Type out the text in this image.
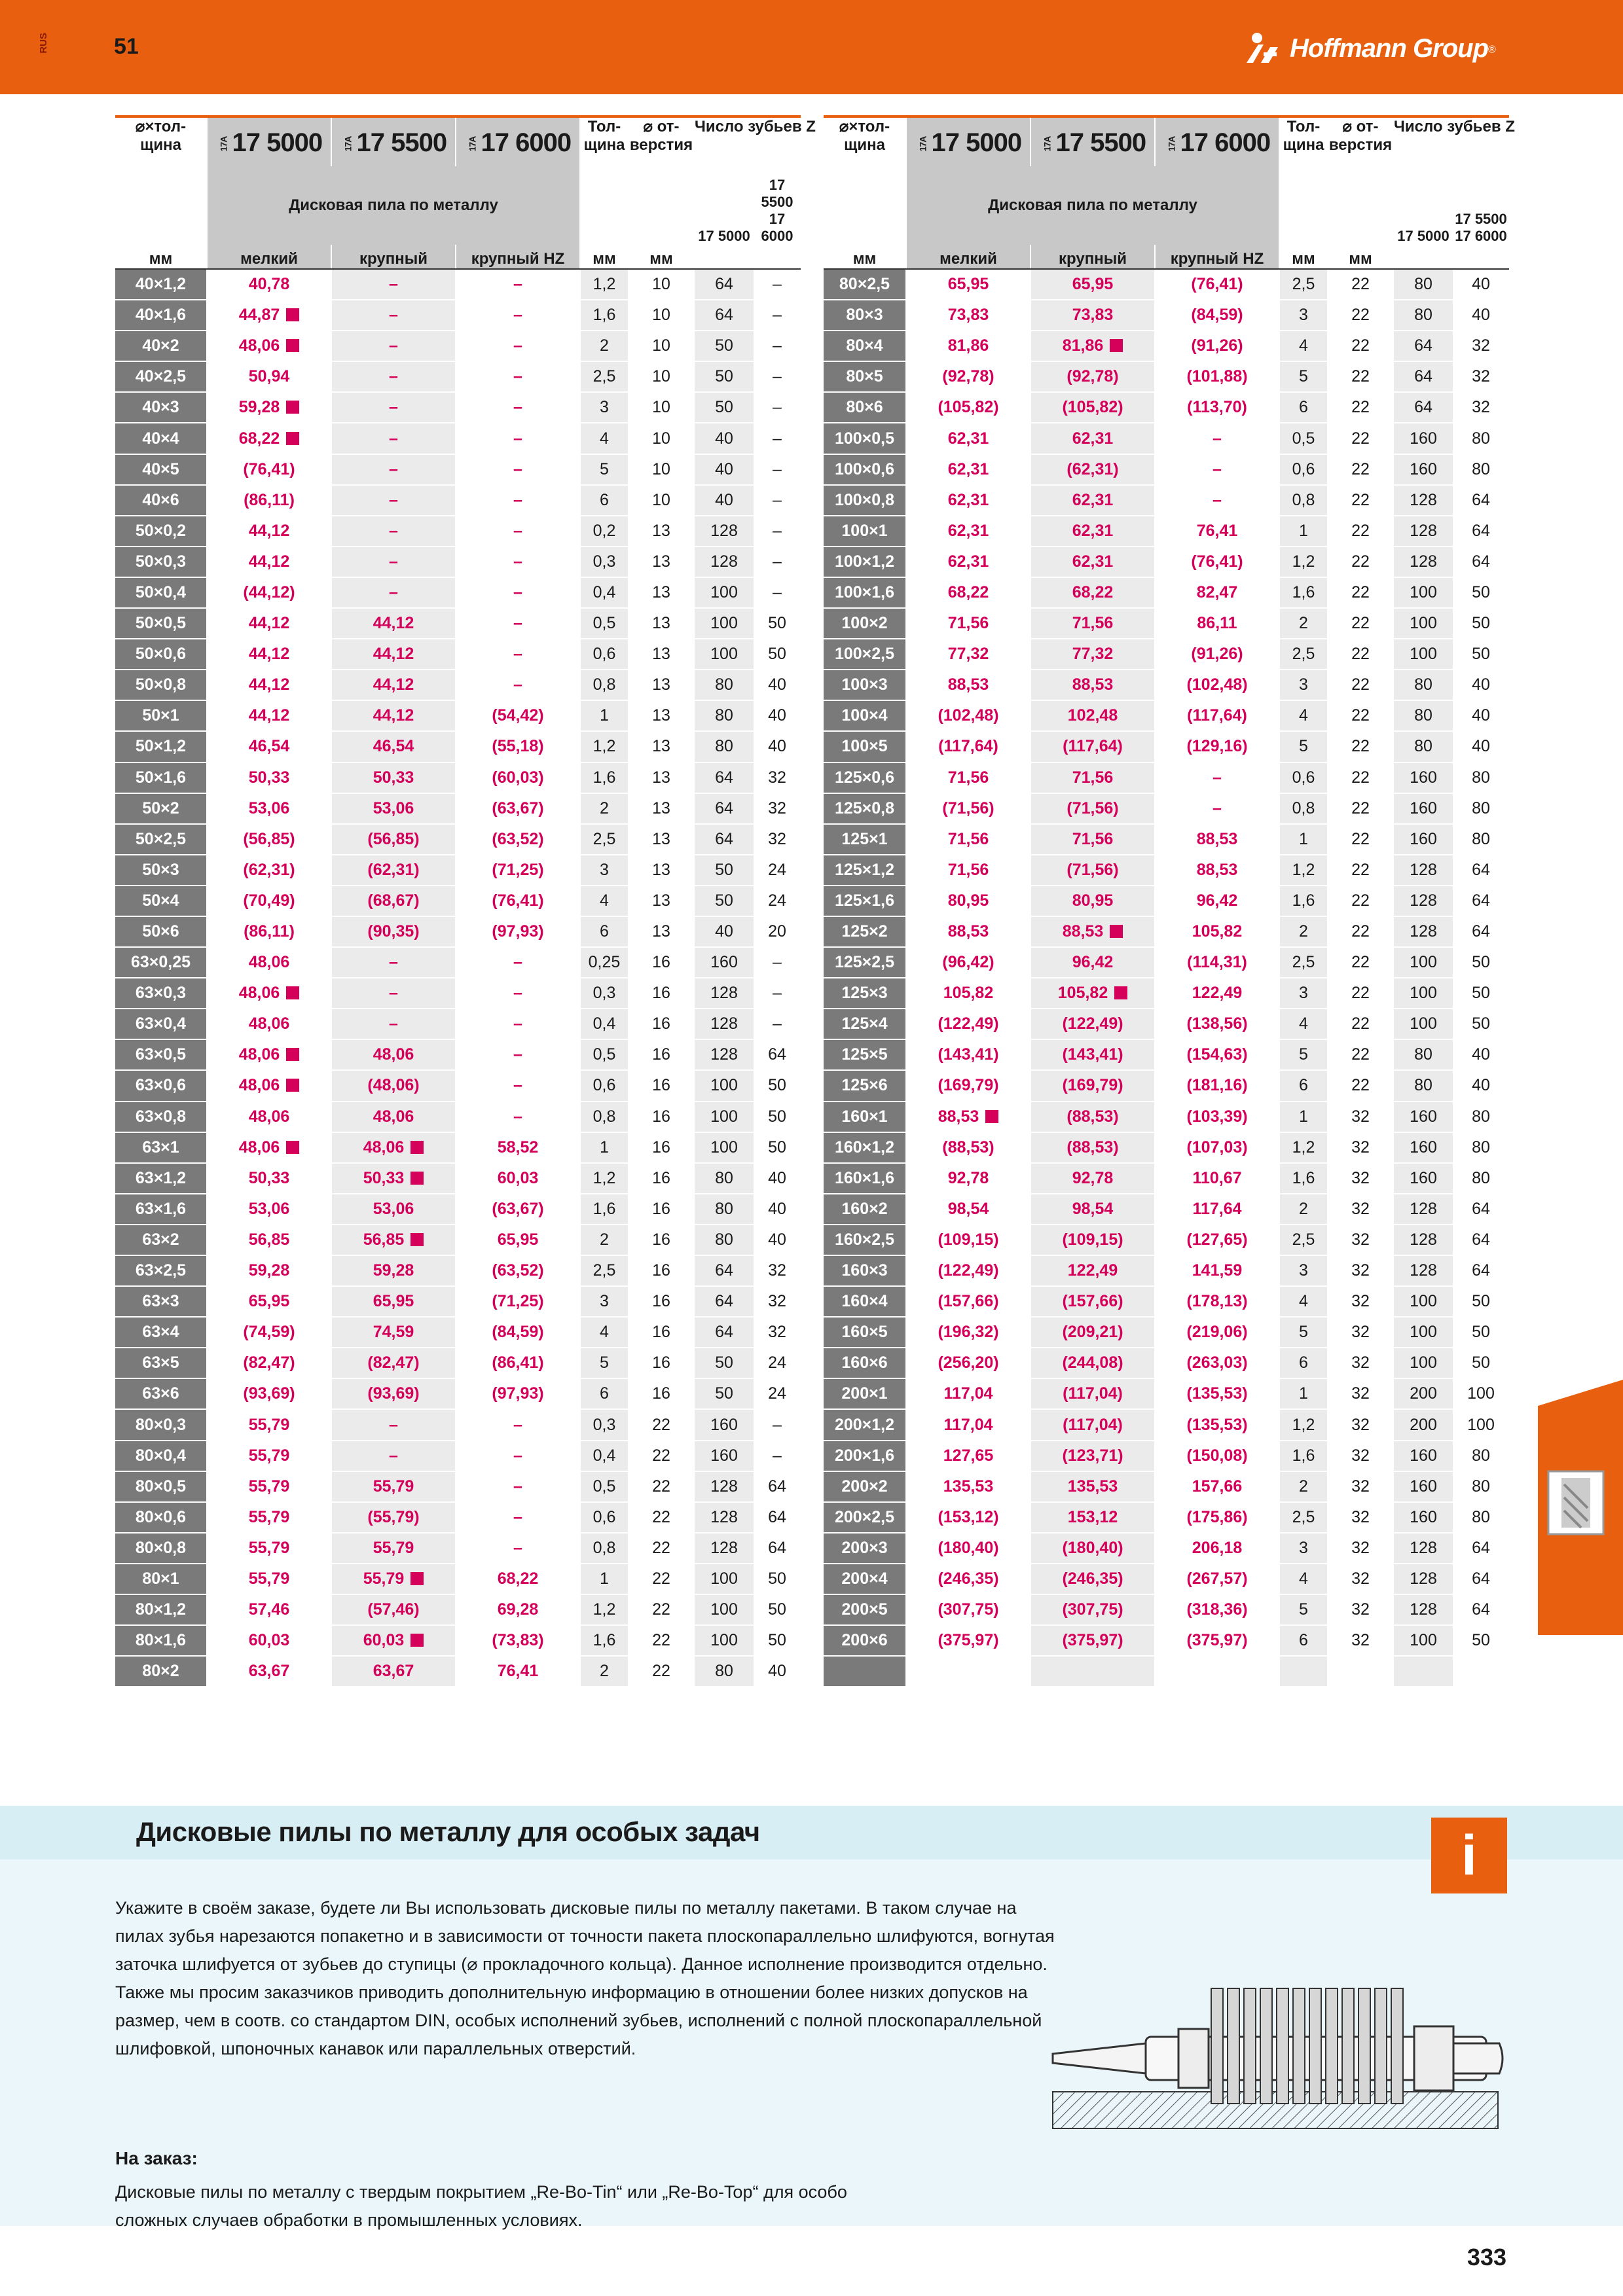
RUS	51	Hoffmann Group®
⌀×тол-
щина	17A 17 5000	17A 17 5500	17A 17 6000	Тол-
щина	⌀ от-
верстия	Число зубьев Z	
	Дисковая пила по металлу					17 5000	17 5500
17 6000
мм	мелкий	крупный	крупный HZ	мм	мм		
40×1,2	40,78	–	–	1,2	10	64	–
40×1,6	44,87	–	–	1,6	10	64	–
40×2	48,06	–	–	2	10	50	–
40×2,5	50,94	–	–	2,5	10	50	–
40×3	59,28	–	–	3	10	50	–
40×4	68,22	–	–	4	10	40	–
40×5	(76,41)	–	–	5	10	40	–
40×6	(86,11)	–	–	6	10	40	–
50×0,2	44,12	–	–	0,2	13	128	–
50×0,3	44,12	–	–	0,3	13	128	–
50×0,4	(44,12)	–	–	0,4	13	100	–
50×0,5	44,12	44,12	–	0,5	13	100	50
50×0,6	44,12	44,12	–	0,6	13	100	50
50×0,8	44,12	44,12	–	0,8	13	80	40
50×1	44,12	44,12	(54,42)	1	13	80	40
50×1,2	46,54	46,54	(55,18)	1,2	13	80	40
50×1,6	50,33	50,33	(60,03)	1,6	13	64	32
50×2	53,06	53,06	(63,67)	2	13	64	32
50×2,5	(56,85)	(56,85)	(63,52)	2,5	13	64	32
50×3	(62,31)	(62,31)	(71,25)	3	13	50	24
50×4	(70,49)	(68,67)	(76,41)	4	13	50	24
50×6	(86,11)	(90,35)	(97,93)	6	13	40	20
63×0,25	48,06	–	–	0,25	16	160	–
63×0,3	48,06	–	–	0,3	16	128	–
63×0,4	48,06	–	–	0,4	16	128	–
63×0,5	48,06	48,06	–	0,5	16	128	64
63×0,6	48,06	(48,06)	–	0,6	16	100	50
63×0,8	48,06	48,06	–	0,8	16	100	50
63×1	48,06	48,06	58,52	1	16	100	50
63×1,2	50,33	50,33	60,03	1,2	16	80	40
63×1,6	53,06	53,06	(63,67)	1,6	16	80	40
63×2	56,85	56,85	65,95	2	16	80	40
63×2,5	59,28	59,28	(63,52)	2,5	16	64	32
63×3	65,95	65,95	(71,25)	3	16	64	32
63×4	(74,59)	74,59	(84,59)	4	16	64	32
63×5	(82,47)	(82,47)	(86,41)	5	16	50	24
63×6	(93,69)	(93,69)	(97,93)	6	16	50	24
80×0,3	55,79	–	–	0,3	22	160	–
80×0,4	55,79	–	–	0,4	22	160	–
80×0,5	55,79	55,79	–	0,5	22	128	64
80×0,6	55,79	(55,79)	–	0,6	22	128	64
80×0,8	55,79	55,79	–	0,8	22	128	64
80×1	55,79	55,79	68,22	1	22	100	50
80×1,2	57,46	(57,46)	69,28	1,2	22	100	50
80×1,6	60,03	60,03	(73,83)	1,6	22	100	50
80×2	63,67	63,67	76,41	2	22	80	40
⌀×тол-
щина	17A 17 5000	17A 17 5500	17A 17 6000	Тол-
щина	⌀ от-
верстия	Число зубьев Z	
	Дисковая пила по металлу					17 5000	17 5500
17 6000
мм	мелкий	крупный	крупный HZ	мм	мм		
80×2,5	65,95	65,95	(76,41)	2,5	22	80	40
80×3	73,83	73,83	(84,59)	3	22	80	40
80×4	81,86	81,86	(91,26)	4	22	64	32
80×5	(92,78)	(92,78)	(101,88)	5	22	64	32
80×6	(105,82)	(105,82)	(113,70)	6	22	64	32
100×0,5	62,31	62,31	–	0,5	22	160	80
100×0,6	62,31	(62,31)	–	0,6	22	160	80
100×0,8	62,31	62,31	–	0,8	22	128	64
100×1	62,31	62,31	76,41	1	22	128	64
100×1,2	62,31	62,31	(76,41)	1,2	22	128	64
100×1,6	68,22	68,22	82,47	1,6	22	100	50
100×2	71,56	71,56	86,11	2	22	100	50
100×2,5	77,32	77,32	(91,26)	2,5	22	100	50
100×3	88,53	88,53	(102,48)	3	22	80	40
100×4	(102,48)	102,48	(117,64)	4	22	80	40
100×5	(117,64)	(117,64)	(129,16)	5	22	80	40
125×0,6	71,56	71,56	–	0,6	22	160	80
125×0,8	(71,56)	(71,56)	–	0,8	22	160	80
125×1	71,56	71,56	88,53	1	22	160	80
125×1,2	71,56	(71,56)	88,53	1,2	22	128	64
125×1,6	80,95	80,95	96,42	1,6	22	128	64
125×2	88,53	88,53	105,82	2	22	128	64
125×2,5	(96,42)	96,42	(114,31)	2,5	22	100	50
125×3	105,82	105,82	122,49	3	22	100	50
125×4	(122,49)	(122,49)	(138,56)	4	22	100	50
125×5	(143,41)	(143,41)	(154,63)	5	22	80	40
125×6	(169,79)	(169,79)	(181,16)	6	22	80	40
160×1	88,53	(88,53)	(103,39)	1	32	160	80
160×1,2	(88,53)	(88,53)	(107,03)	1,2	32	160	80
160×1,6	92,78	92,78	110,67	1,6	32	160	80
160×2	98,54	98,54	117,64	2	32	128	64
160×2,5	(109,15)	(109,15)	(127,65)	2,5	32	128	64
160×3	(122,49)	122,49	141,59	3	32	128	64
160×4	(157,66)	(157,66)	(178,13)	4	32	100	50
160×5	(196,32)	(209,21)	(219,06)	5	32	100	50
160×6	(256,20)	(244,08)	(263,03)	6	32	100	50
200×1	117,04	(117,04)	(135,53)	1	32	200	100
200×1,2	117,04	(117,04)	(135,53)	1,2	32	200	100
200×1,6	127,65	(123,71)	(150,08)	1,6	32	160	80
200×2	135,53	135,53	157,66	2	32	160	80
200×2,5	(153,12)	153,12	(175,86)	2,5	32	160	80
200×3	(180,40)	(180,40)	206,18	3	32	128	64
200×4	(246,35)	(246,35)	(267,57)	4	32	128	64
200×5	(307,75)	(307,75)	(318,36)	5	32	128	64
200×6	(375,97)	(375,97)	(375,97)	6	32	100	50

Дисковые пилы по металлу для особых задач	i
Укажите в своём заказе, будете ли Вы использовать дисковые пилы по металлу пакетами. В таком случае на пилах зубья нарезаются попакетно и в зависимости от точности пакета плоскопараллельно шлифуются, вогнутая заточка шлифуется от зубьев до ступицы (⌀ прокладочного кольца). Данное исполнение производится отдельно. Также мы просим заказчиков приводить дополнительную информацию в отношении более низких допусков на размер, чем в соотв. со стандартом DIN, особых исполнений зубьев, исполнений с полной плоскопараллельной шлифовкой, шпоночных канавок или параллельных отверстий.
На заказ:
Дисковые пилы по металлу с твердым покрытием „Re-Bo-Tin“ или „Re-Bo-Top“ для особо сложных случаев обработки в промышленных условиях.
333
